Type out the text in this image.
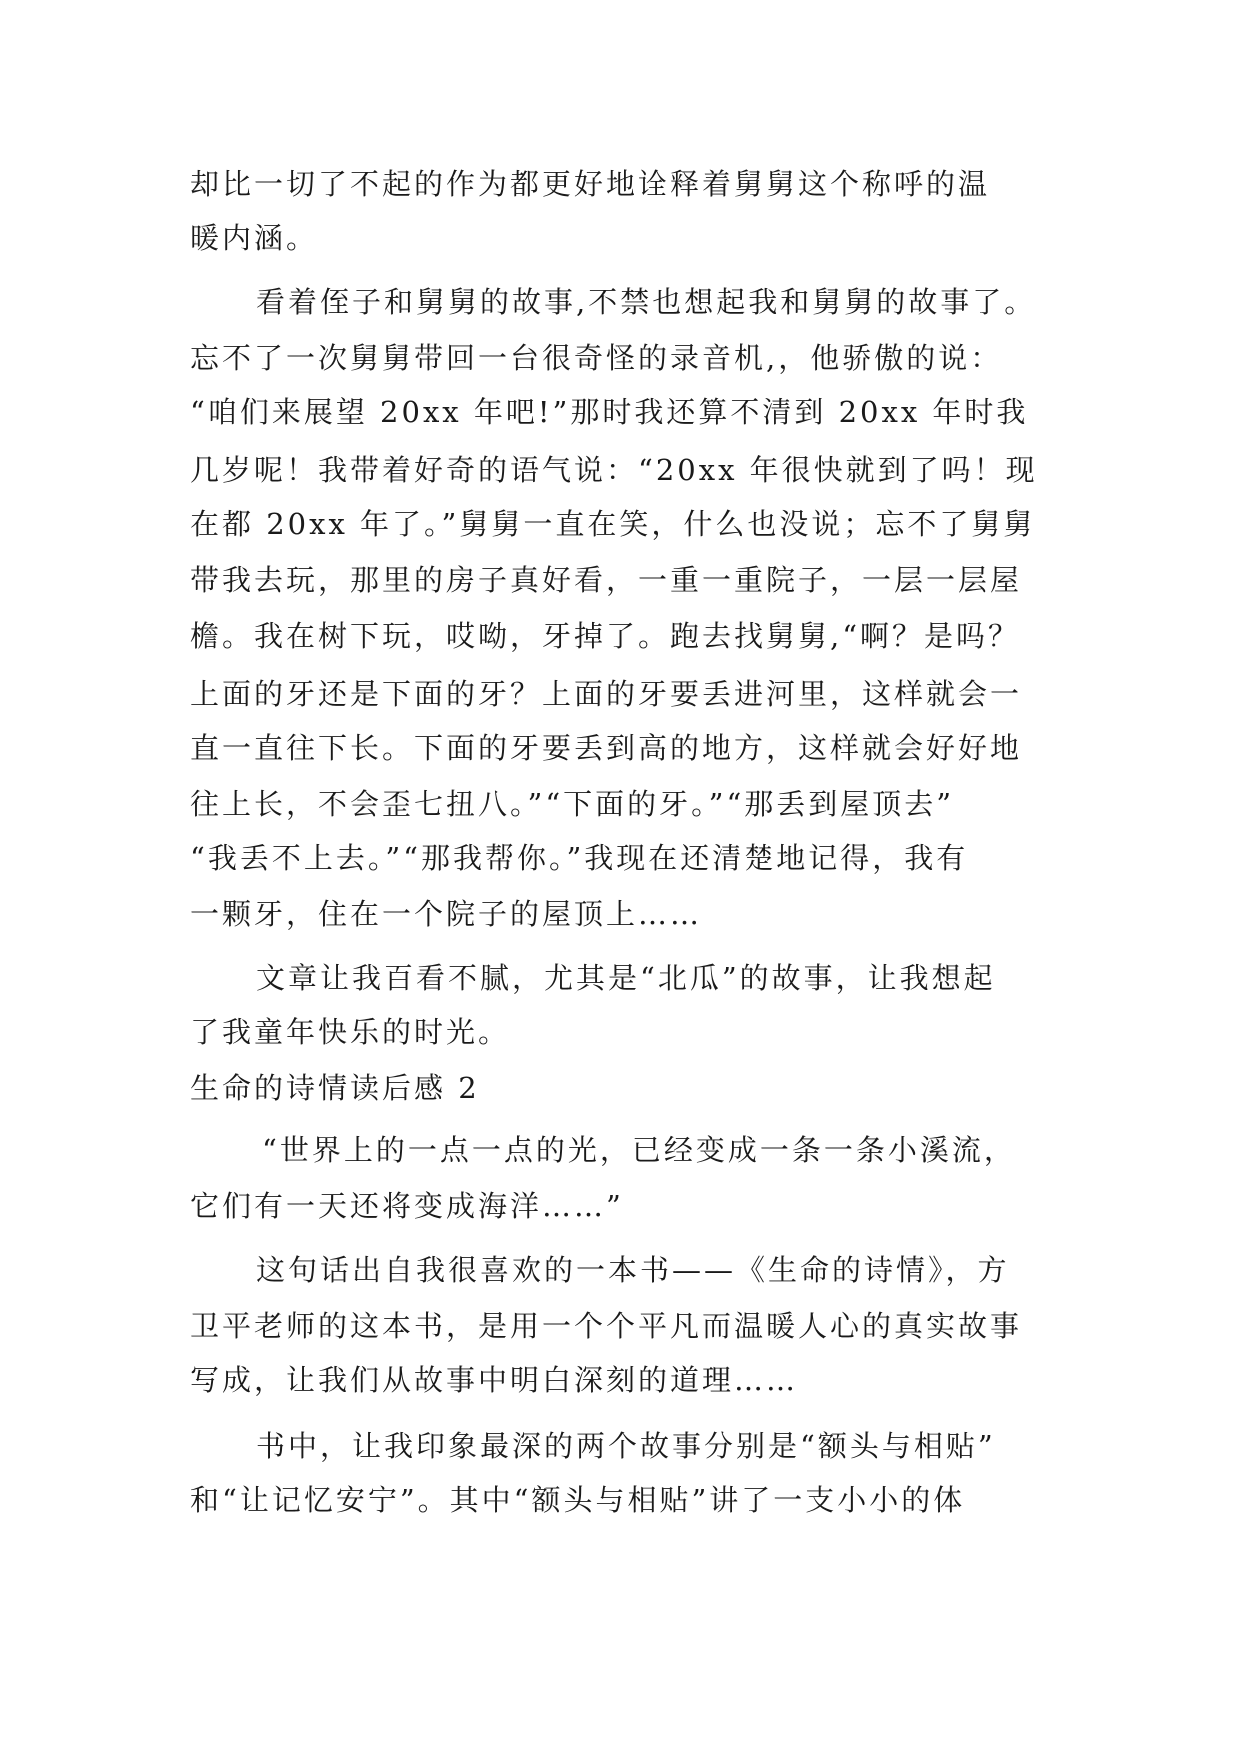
却比一切了不起的作为都更好地诠释着舅舅这个称呼的温
暖内涵。
看着侄子和舅舅的故事,不禁也想起我和舅舅的故事了。
忘不了一次舅舅带回一台很奇怪的录音机,，他骄傲的说：
“咱们来展望 20xx 年吧!”那时我还算不清到 20xx 年时我
几岁呢！我带着好奇的语气说：“20xx 年很快就到了吗！现
在都 20xx 年了。”舅舅一直在笑，什么也没说；忘不了舅舅
带我去玩，那里的房子真好看，一重一重院子，一层一层屋
檐。我在树下玩，哎呦，牙掉了。跑去找舅舅,“啊？是吗？
上面的牙还是下面的牙？上面的牙要丢进河里，这样就会一
直一直往下长。下面的牙要丢到高的地方，这样就会好好地
往上长，不会歪七扭八。”“下面的牙。”“那丢到屋顶去”
“我丢不上去。”“那我帮你。”我现在还清楚地记得，我有
一颗牙，住在一个院子的屋顶上……
文章让我百看不腻，尤其是“北瓜”的故事，让我想起
了我童年快乐的时光。
生命的诗情读后感 2
“世界上的一点一点的光，已经变成一条一条小溪流，
它们有一天还将变成海洋……”
这句话出自我很喜欢的一本书——《生命的诗情》，方
卫平老师的这本书，是用一个个平凡而温暖人心的真实故事
写成，让我们从故事中明白深刻的道理……
书中，让我印象最深的两个故事分别是“额头与相贴”
和“让记忆安宁”。其中“额头与相贴”讲了一支小小的体
